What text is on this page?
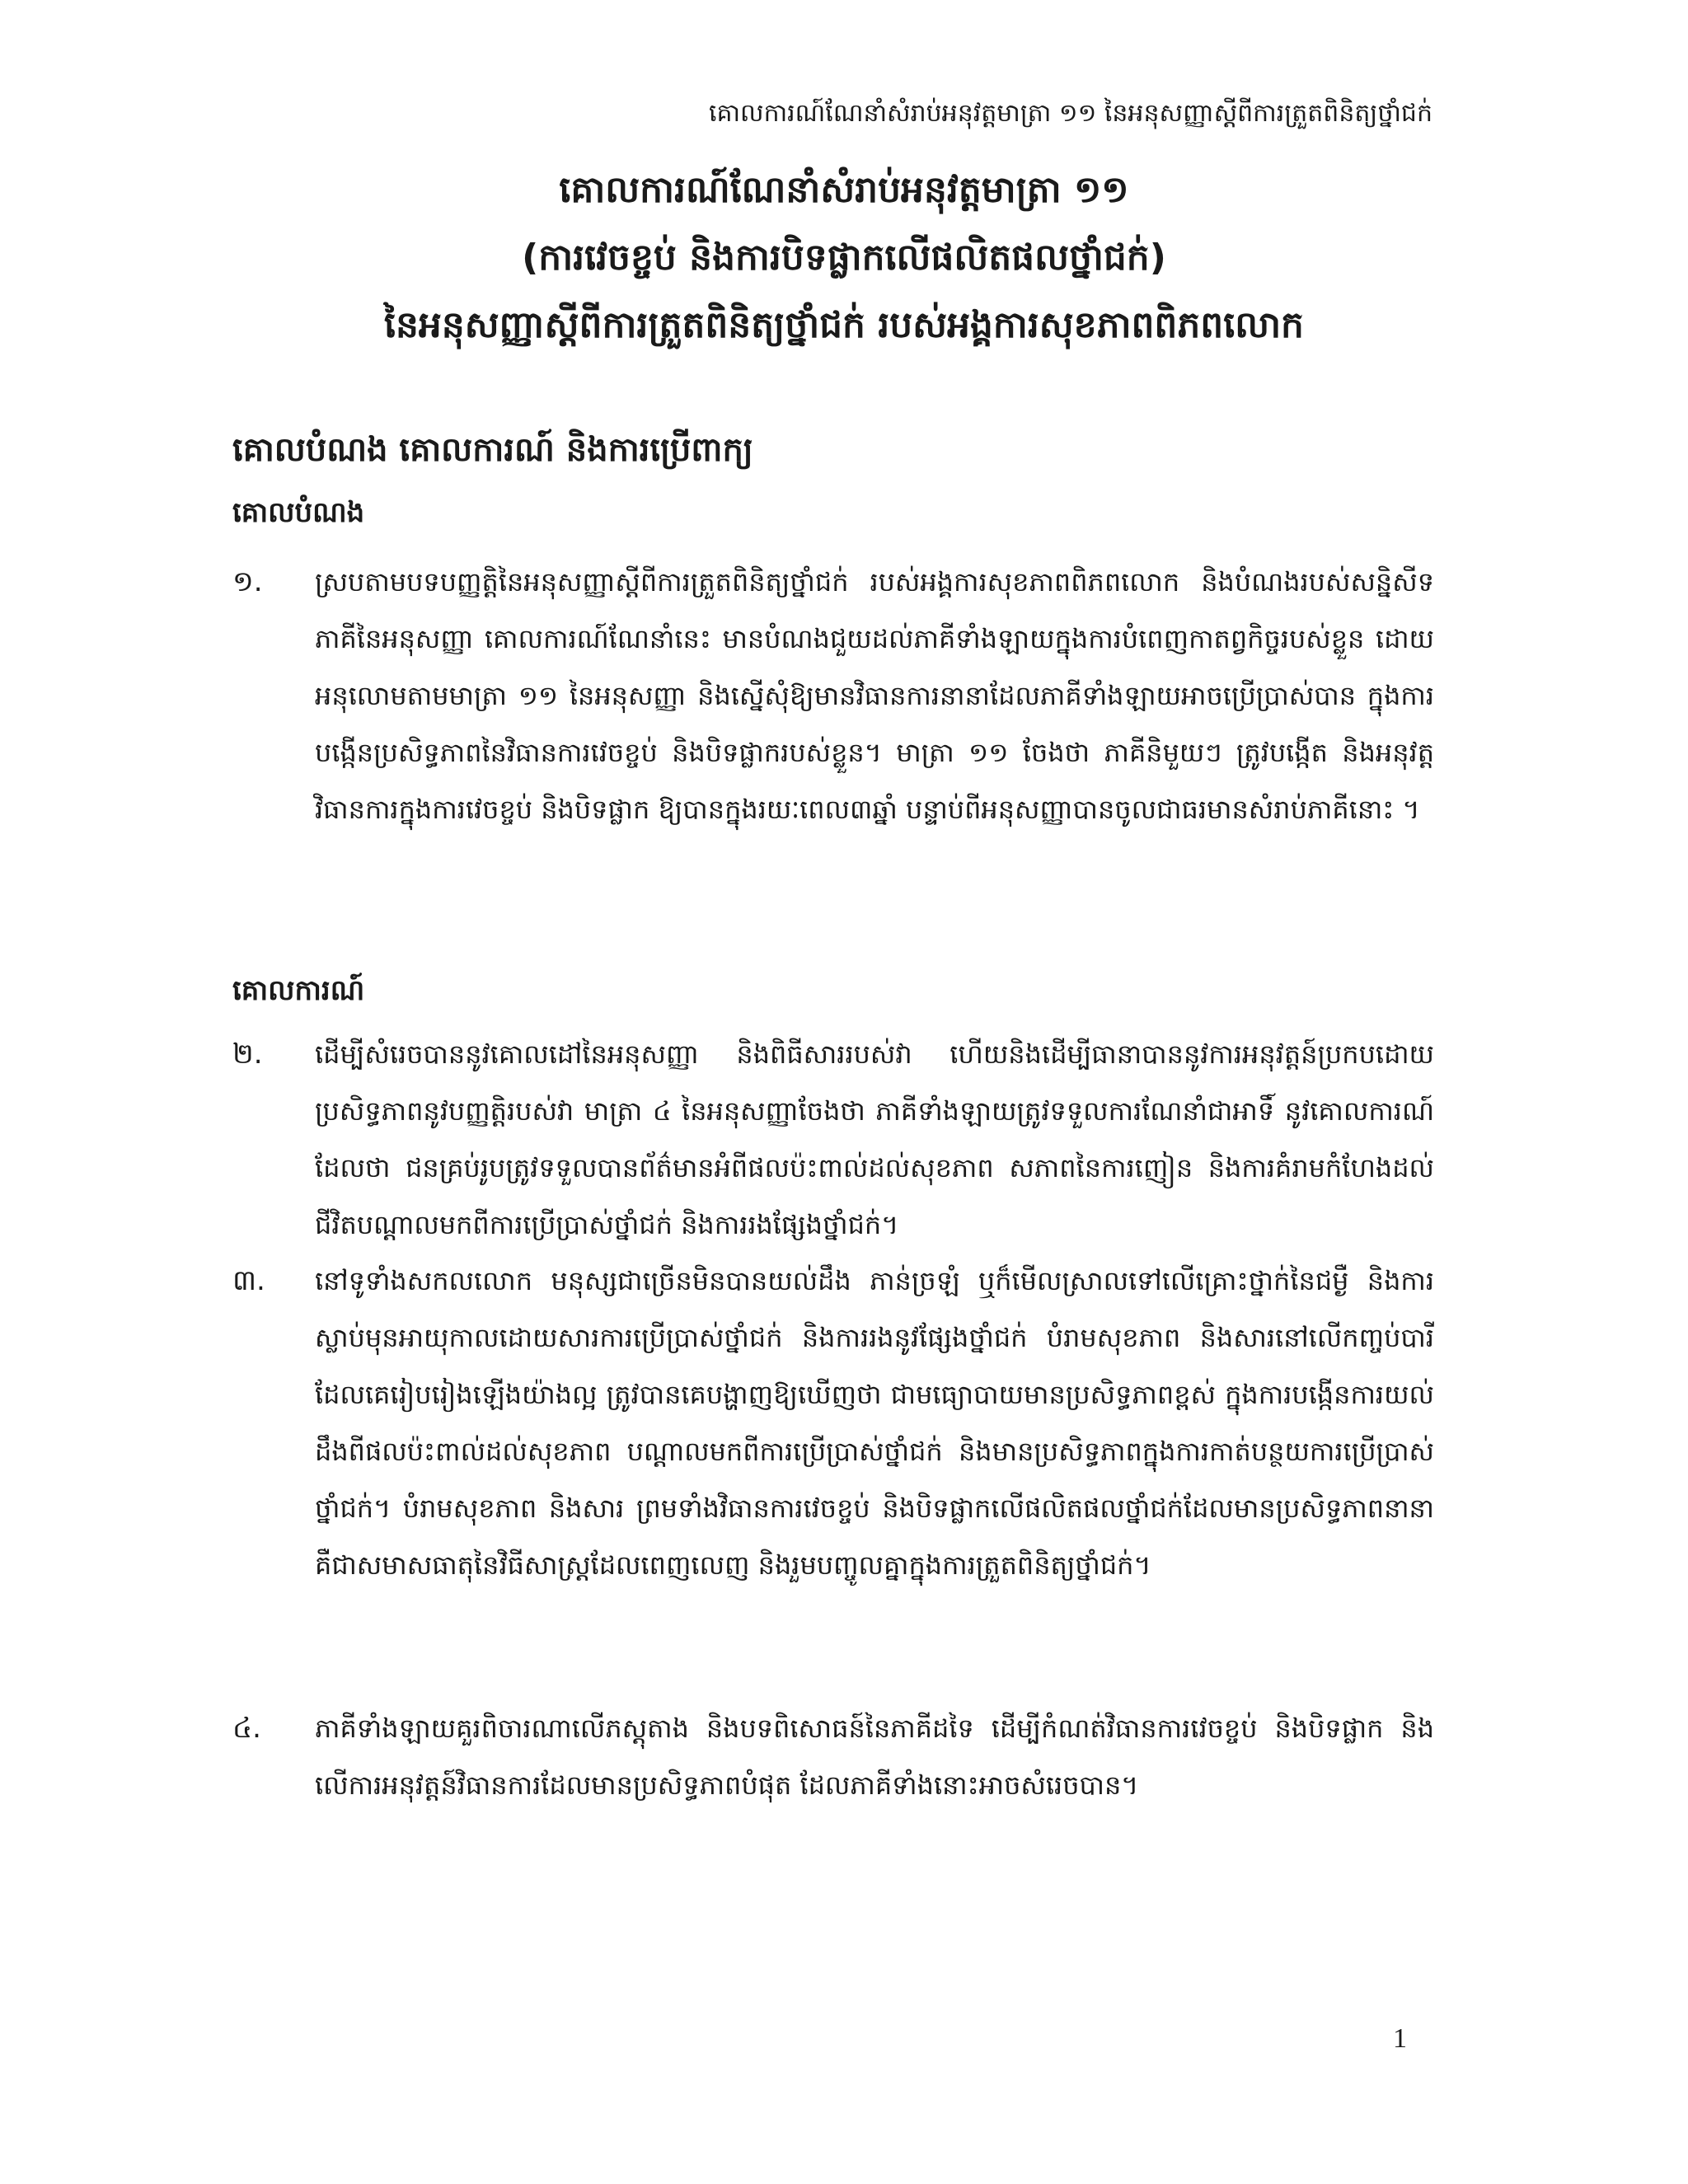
គោលការណ៍ណែនាំសំរាប់អនុវត្តមាត្រា ១១ នៃអនុសញ្ញាស្តីពីការត្រួតពិនិត្យថ្នាំជក់
គោលការណ៍ណែនាំសំរាប់អនុវត្តមាត្រា ១១
(ការវេចខ្ចប់ និងការបិទផ្លាកលើផលិតផលថ្នាំជក់)
នៃអនុសញ្ញាស្តីពីការត្រួតពិនិត្យថ្នាំជក់ របស់អង្គការសុខភាពពិភពលោក
គោលបំណង គោលការណ៍ និងការប្រើពាក្យ
គោលបំណង
១. ស្របតាមបទបញ្ញត្តិនៃអនុសញ្ញាស្តីពីការត្រួតពិនិត្យថ្នាំជក់ របស់អង្គការសុខភាពពិភពលោក និងបំណងរបស់សន្និសីទភាគីនៃអនុសញ្ញា គោលការណ៍ណែនាំនេះ មានបំណងជួយដល់ភាគីទាំងឡាយក្នុងការបំពេញកាតព្វកិច្ចរបស់ខ្លួន ដោយអនុលោមតាមមាត្រា ១១ នៃអនុសញ្ញា និងស្នើសុំឱ្យមានវិធានការនានាដែលភាគីទាំងឡាយអាចប្រើប្រាស់បាន ក្នុងការបង្កើនប្រសិទ្ធភាពនៃវិធានការវេចខ្ចប់ និងបិទផ្លាករបស់ខ្លួន។ មាត្រា ១១ ចែងថា ភាគីនិមួយៗ ត្រូវបង្កើត និងអនុវត្តវិធានការក្នុងការវេចខ្ចប់ និងបិទផ្លាក ឱ្យបានក្នុងរយៈពេល៣ឆ្នាំ បន្ទាប់ពីអនុសញ្ញាបានចូលជាធរមានសំរាប់ភាគីនោះ ។
គោលការណ៍
២. ដើម្បីសំរេចបាននូវគោលដៅនៃអនុសញ្ញា និងពិធីសាររបស់វា ហើយនិងដើម្បីធានាបាននូវការអនុវត្តន៍ប្រកបដោយប្រសិទ្ធភាពនូវបញ្ញត្តិរបស់វា មាត្រា ៤ នៃអនុសញ្ញាចែងថា ភាគីទាំងឡាយត្រូវទទួលការណែនាំជាអាទិ៍ នូវគោលការណ៍ដែលថា ជនគ្រប់រូបត្រូវទទួលបានព័ត៌មានអំពីផលប៉ះពាល់ដល់សុខភាព សភាពនៃការញៀន និងការគំរាមកំហែងដល់ជីវិតបណ្តាលមកពីការប្រើប្រាស់ថ្នាំជក់ និងការរងផ្សែងថ្នាំជក់។
៣. នៅទូទាំងសកលលោក មនុស្សជាច្រើនមិនបានយល់ដឹង ភាន់ច្រឡំ ឬក៏មើលស្រាលទៅលើគ្រោះថ្នាក់នៃជម្ងឺ និងការស្លាប់មុនអាយុកាលដោយសារការប្រើប្រាស់ថ្នាំជក់ និងការរងនូវផ្សែងថ្នាំជក់ បំរាមសុខភាព និងសារនៅលើកញ្ចប់បារីដែលគេរៀបរៀងឡើងយ៉ាងល្អ ត្រូវបានគេបង្ហាញឱ្យឃើញថា ជាមធ្យោបាយមានប្រសិទ្ធភាពខ្ពស់ ក្នុងការបង្កើនការយល់ដឹងពីផលប៉ះពាល់ដល់សុខភាព បណ្តាលមកពីការប្រើប្រាស់ថ្នាំជក់ និងមានប្រសិទ្ធភាពក្នុងការកាត់បន្ថយការប្រើប្រាស់ថ្នាំជក់។ បំរាមសុខភាព និងសារ ព្រមទាំងវិធានការវេចខ្ចប់ និងបិទផ្លាកលើផលិតផលថ្នាំជក់ដែលមានប្រសិទ្ធភាពនានា គឺជាសមាសធាតុនៃវិធីសាស្ត្រដែលពេញលេញ និងរួមបញ្ចូលគ្នាក្នុងការត្រួតពិនិត្យថ្នាំជក់។
៤. ភាគីទាំងឡាយគួរពិចារណាលើភស្តុតាង និងបទពិសោធន៍នៃភាគីដទៃ ដើម្បីកំណត់វិធានការវេចខ្ចប់ និងបិទផ្លាក និងលើការអនុវត្តន៍វិធានការដែលមានប្រសិទ្ធភាពបំផុត ដែលភាគីទាំងនោះអាចសំរេចបាន។
1
